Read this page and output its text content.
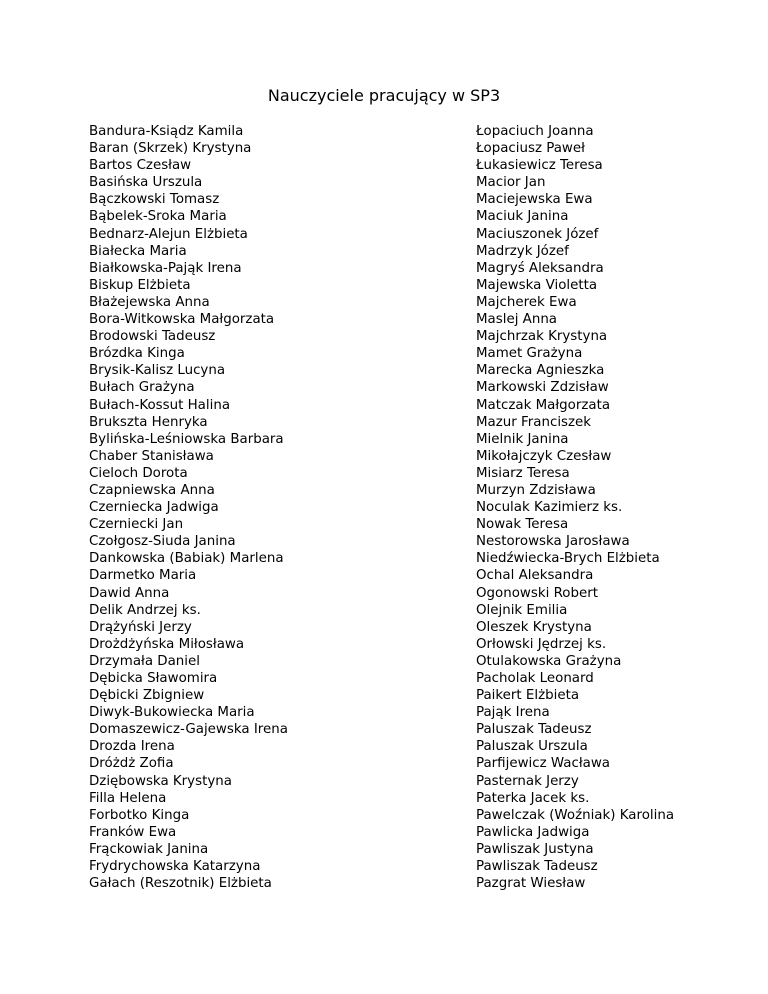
Nauczyciele pracujący w SP3
Bandura-Ksiądz Kamila
Baran (Skrzek) Krystyna
Bartos Czesław
Basińska Urszula
Bączkowski Tomasz
Bąbelek-Sroka Maria
Bednarz-Alejun Elżbieta
Białecka Maria
Białkowska-Pająk Irena
Biskup Elżbieta
Błażejewska Anna
Bora-Witkowska Małgorzata
Brodowski Tadeusz
Brózdka Kinga
Brysik-Kalisz Lucyna
Bułach Grażyna
Bułach-Kossut Halina
Brukszta Henryka
Bylińska-Leśniowska Barbara
Chaber Stanisława
Cieloch Dorota
Czapniewska Anna
Czerniecka Jadwiga
Czerniecki Jan
Czołgosz-Siuda Janina
Dankowska (Babiak) Marlena
Darmetko Maria
Dawid Anna
Delik Andrzej ks.
Drążyński Jerzy
Drożdżyńska Miłosława
Drzymała Daniel
Dębicka Sławomira
Dębicki Zbigniew
Diwyk-Bukowiecka Maria
Domaszewicz-Gajewska Irena
Drozda Irena
Dróżdż Zofia
Dziębowska Krystyna
Filla Helena
Forbotko Kinga
Franków Ewa
Frąckowiak Janina
Frydrychowska Katarzyna
Gałach (Reszotnik) Elżbieta
Łopaciuch Joanna
Łopaciusz Paweł
Łukasiewicz Teresa
Macior Jan
Maciejewska Ewa
Maciuk Janina
Maciuszonek Józef
Madrzyk Józef
Magryś Aleksandra
Majewska Violetta
Majcherek Ewa
Maslej Anna
Majchrzak Krystyna
Mamet Grażyna
Marecka Agnieszka
Markowski Zdzisław
Matczak Małgorzata
Mazur Franciszek
Mielnik Janina
Mikołajczyk Czesław
Misiarz Teresa
Murzyn Zdzisława
Noculak Kazimierz ks.
Nowak Teresa
Nestorowska Jarosława
Niedźwiecka-Brych Elżbieta
Ochal Aleksandra
Ogonowski Robert
Olejnik Emilia
Oleszek Krystyna
Orłowski Jędrzej ks.
Otulakowska Grażyna
Pacholak Leonard
Paikert Elżbieta
Pająk Irena
Paluszak Tadeusz
Paluszak Urszula
Parfijewicz Wacława
Pasternak Jerzy
Paterka Jacek ks.
Pawelczak (Woźniak) Karolina
Pawlicka Jadwiga
Pawliszak Justyna
Pawliszak Tadeusz
Pazgrat Wiesław
